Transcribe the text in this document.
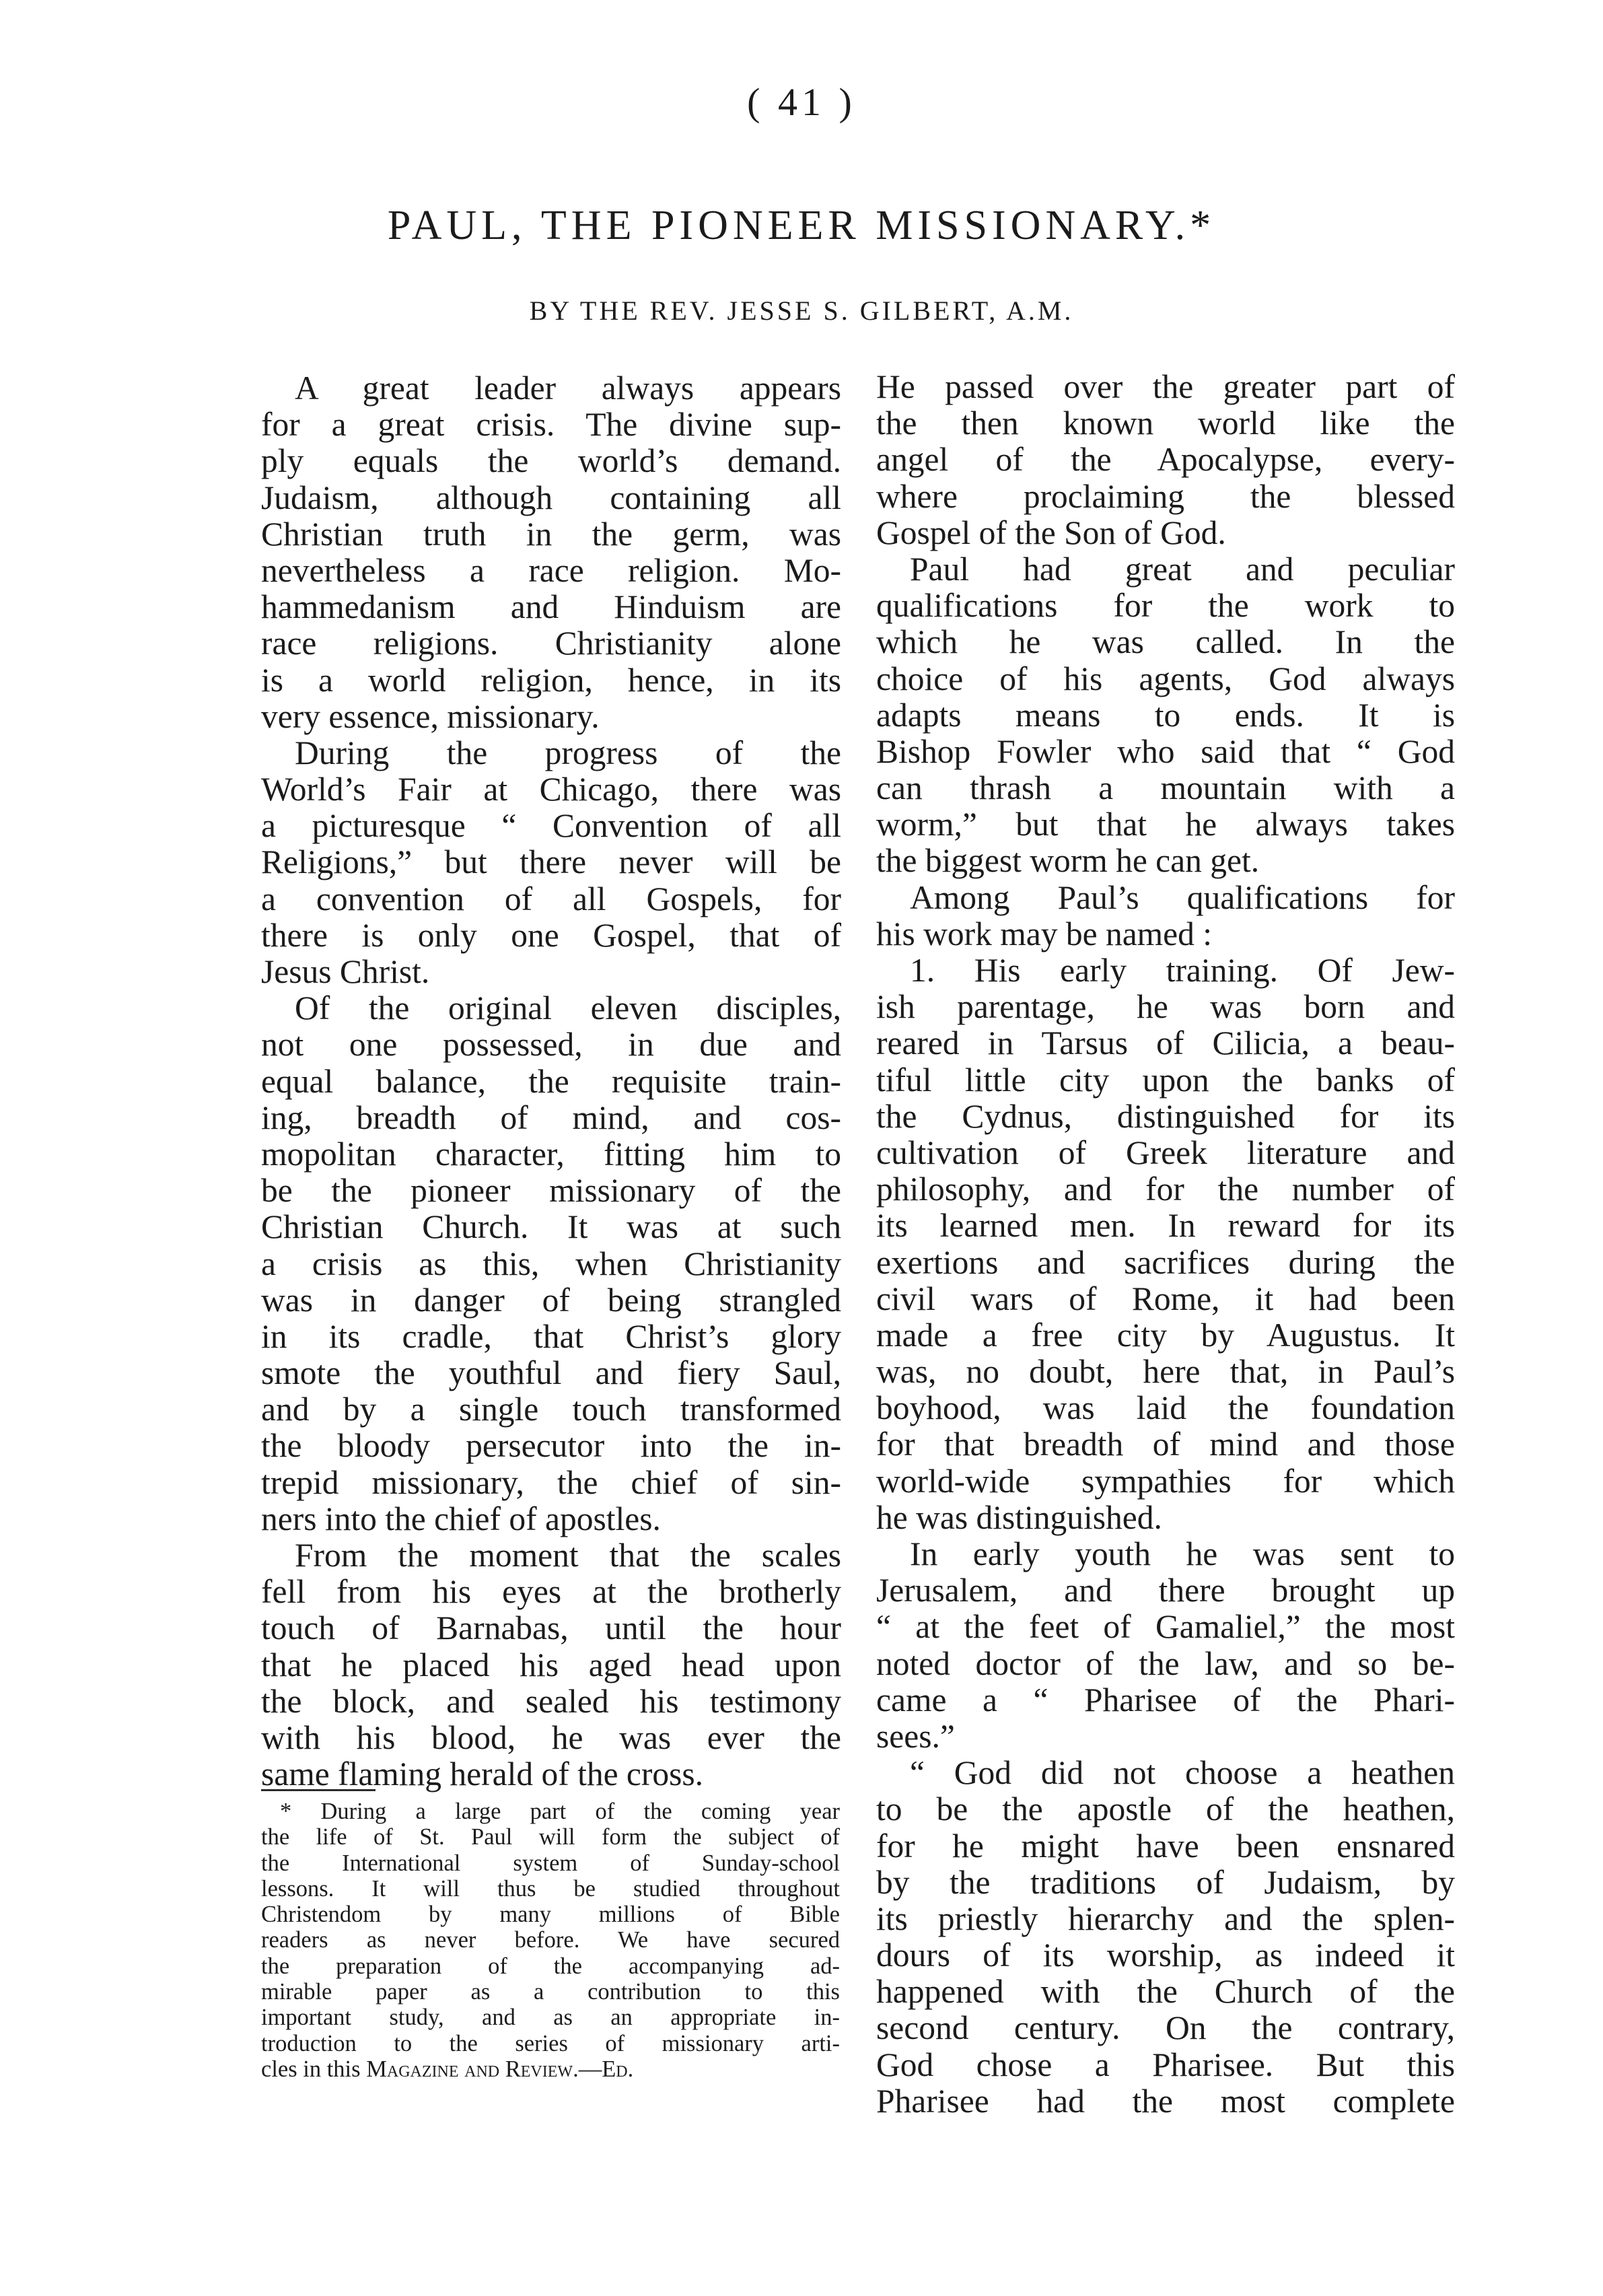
( 41 )
PAUL, THE PIONEER MISSIONARY.*
BY THE REV. JESSE S. GILBERT, A.M.
A great leader always appears
for a great crisis. The divine sup-
ply equals the world’s demand.
Judaism, although containing all
Christian truth in the germ, was
nevertheless a race religion. Mo-
hammedanism and Hinduism are
race religions. Christianity alone
is a world religion, hence, in its
very essence, missionary.
During the progress of the
World’s Fair at Chicago, there was
a picturesque “ Convention of all
Religions,” but there never will be
a convention of all Gospels, for
there is only one Gospel, that of
Jesus Christ.
Of the original eleven disciples,
not one possessed, in due and
equal balance, the requisite train-
ing, breadth of mind, and cos-
mopolitan character, fitting him to
be the pioneer missionary of the
Christian Church. It was at such
a crisis as this, when Christianity
was in danger of being strangled
in its cradle, that Christ’s glory
smote the youthful and fiery Saul,
and by a single touch transformed
the bloody persecutor into the in-
trepid missionary, the chief of sin-
ners into the chief of apostles.
From the moment that the scales
fell from his eyes at the brotherly
touch of Barnabas, until the hour
that he placed his aged head upon
the block, and sealed his testimony
with his blood, he was ever the
same flaming herald of the cross.
He passed over the greater part of
the then known world like the
angel of the Apocalypse, every-
where proclaiming the blessed
Gospel of the Son of God.
Paul had great and peculiar
qualifications for the work to
which he was called. In the
choice of his agents, God always
adapts means to ends. It is
Bishop Fowler who said that “ God
can thrash a mountain with a
worm,” but that he always takes
the biggest worm he can get.
Among Paul’s qualifications for
his work may be named :
1. His early training. Of Jew-
ish parentage, he was born and
reared in Tarsus of Cilicia, a beau-
tiful little city upon the banks of
the Cydnus, distinguished for its
cultivation of Greek literature and
philosophy, and for the number of
its learned men. In reward for its
exertions and sacrifices during the
civil wars of Rome, it had been
made a free city by Augustus. It
was, no doubt, here that, in Paul’s
boyhood, was laid the foundation
for that breadth of mind and those
world-wide sympathies for which
he was distinguished.
In early youth he was sent to
Jerusalem, and there brought up
“ at the feet of Gamaliel,” the most
noted doctor of the law, and so be-
came a “ Pharisee of the Phari-
sees.”
“ God did not choose a heathen
to be the apostle of the heathen,
for he might have been ensnared
by the traditions of Judaism, by
its priestly hierarchy and the splen-
dours of its worship, as indeed it
happened with the Church of the
second century. On the contrary,
God chose a Pharisee. But this
Pharisee had the most complete
* During a large part of the coming year
the life of St. Paul will form the subject of
the International system of Sunday-school
lessons. It will thus be studied throughout
Christendom by many millions of Bible
readers as never before. We have secured
the preparation of the accompanying ad-
mirable paper as a contribution to this
important study, and as an appropriate in-
troduction to the series of missionary arti-
cles in this Magazine and Review.—Ed.
